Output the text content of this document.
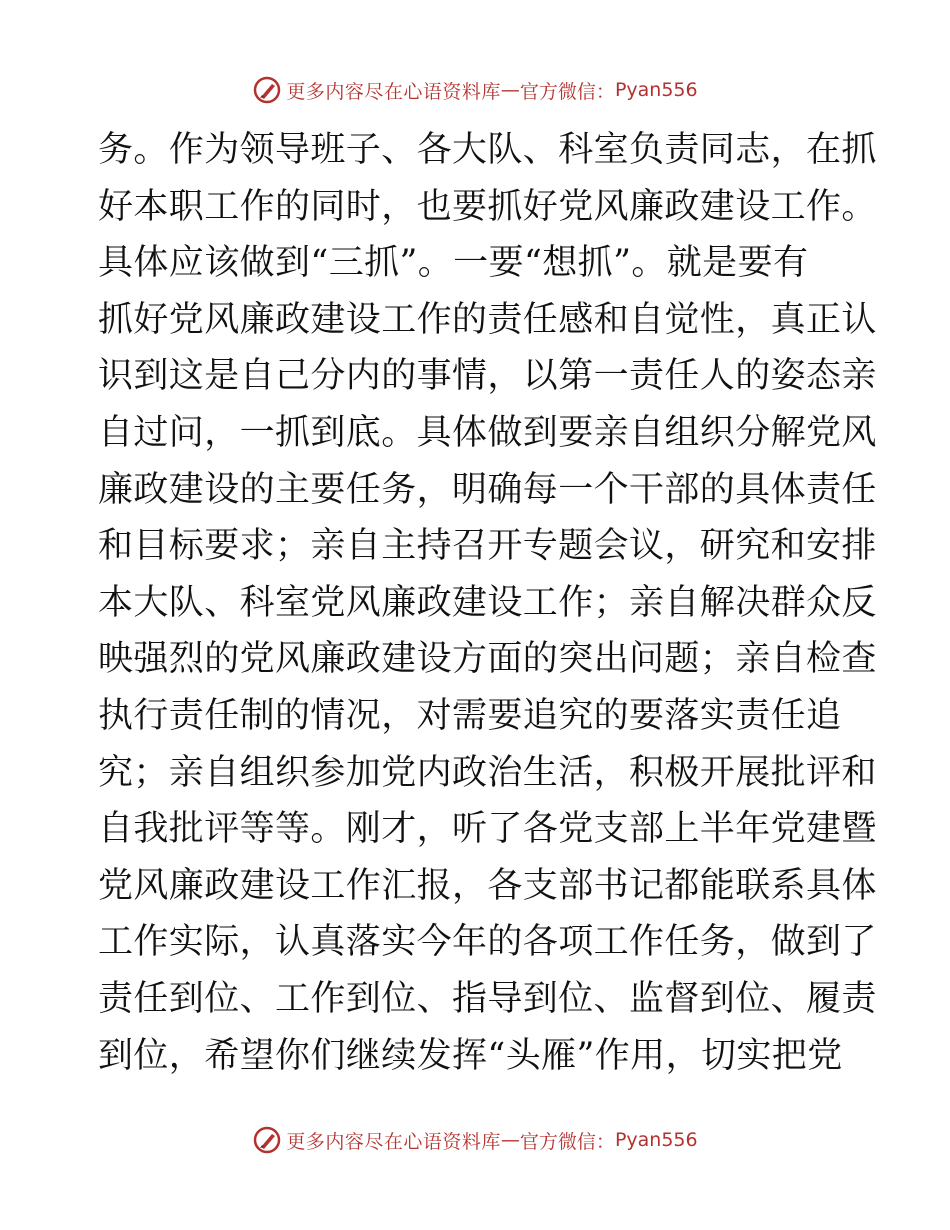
更多内容尽在心语资料库 — 官方微信： Pyan556
务。作为领导班子、各大队、科室负责同志，在抓
好本职工作的同时，也要抓好党风廉政建设工作。
具体应该做到“三抓”。一要“想抓”。就是要有
抓好党风廉政建设工作的责任感和自觉性，真正认
识到这是自己分内的事情，以第一责任人的姿态亲
自过问，一抓到底。具体做到要亲自组织分解党风
廉政建设的主要任务，明确每一个干部的具体责任
和目标要求；亲自主持召开专题会议，研究和安排
本大队、科室党风廉政建设工作；亲自解决群众反
映强烈的党风廉政建设方面的突出问题；亲自检查
执行责任制的情况，对需要追究的要落实责任追
究；亲自组织参加党内政治生活，积极开展批评和
自我批评等等。刚才，听了各党支部上半年党建暨
党风廉政建设工作汇报，各支部书记都能联系具体
工作实际，认真落实今年的各项工作任务，做到了
责任到位、工作到位、指导到位、监督到位、履责
到位，希望你们继续发挥“头雁”作用，切实把党
更多内容尽在心语资料库 — 官方微信： Pyan556
